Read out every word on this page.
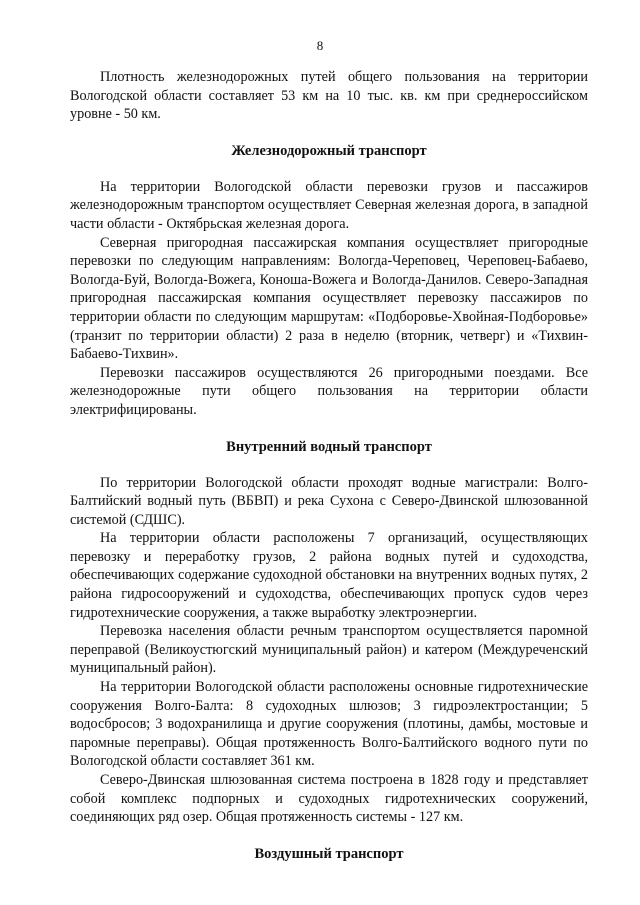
8

Плотность железнодорожных путей общего пользования на территории Вологодской области составляет 53 км на 10 тыс. кв. км при среднероссийском уровне - 50 км.

Железнодорожный транспорт

На территории Вологодской области перевозки грузов и пассажиров железнодорожным транспортом осуществляет Северная железная дорога, в западной части области - Октябрьская железная дорога.

Северная пригородная пассажирская компания осуществляет пригородные перевозки по следующим направлениям: Вологда-Череповец, Череповец-Бабаево, Вологда-Буй, Вологда-Вожега, Коноша-Вожега и Вологда-Данилов. Северо-Западная пригородная пассажирская компания осуществляет перевозку пассажиров по территории области по следующим маршрутам: «Подборовье-Хвойная-Подборовье» (транзит по территории области) 2 раза в неделю (вторник, четверг) и «Тихвин-Бабаево-Тихвин».

Перевозки пассажиров осуществляются 26 пригородными поездами. Все железнодорожные пути общего пользования на территории области электрифицированы.

Внутренний водный транспорт

По территории Вологодской области проходят водные магистрали: Волго-Балтийский водный путь (ВБВП) и река Сухона с Северо-Двинской шлюзованной системой (СДШС).

На территории области расположены 7 организаций, осуществляющих перевозку и переработку грузов, 2 района водных путей и судоходства, обеспечивающих содержание судоходной обстановки на внутренних водных путях, 2 района гидросооружений и судоходства, обеспечивающих пропуск судов через гидротехнические сооружения, а также выработку электроэнергии.

Перевозка населения области речным транспортом осуществляется паромной переправой (Великоустюгский муниципальный район) и катером (Междуреченский муниципальный район).

На территории Вологодской области расположены основные гидротехнические сооружения Волго-Балта: 8 судоходных шлюзов; 3 гидроэлектростанции; 5 водосбросов; 3 водохранилища и другие сооружения (плотины, дамбы, мостовые и паромные переправы). Общая протяженность Волго-Балтийского водного пути по Вологодской области составляет 361 км.

Северо-Двинская шлюзованная система построена в 1828 году и представляет собой комплекс подпорных и судоходных гидротехнических сооружений, соединяющих ряд озер. Общая протяженность системы - 127 км.

Воздушный транспорт
